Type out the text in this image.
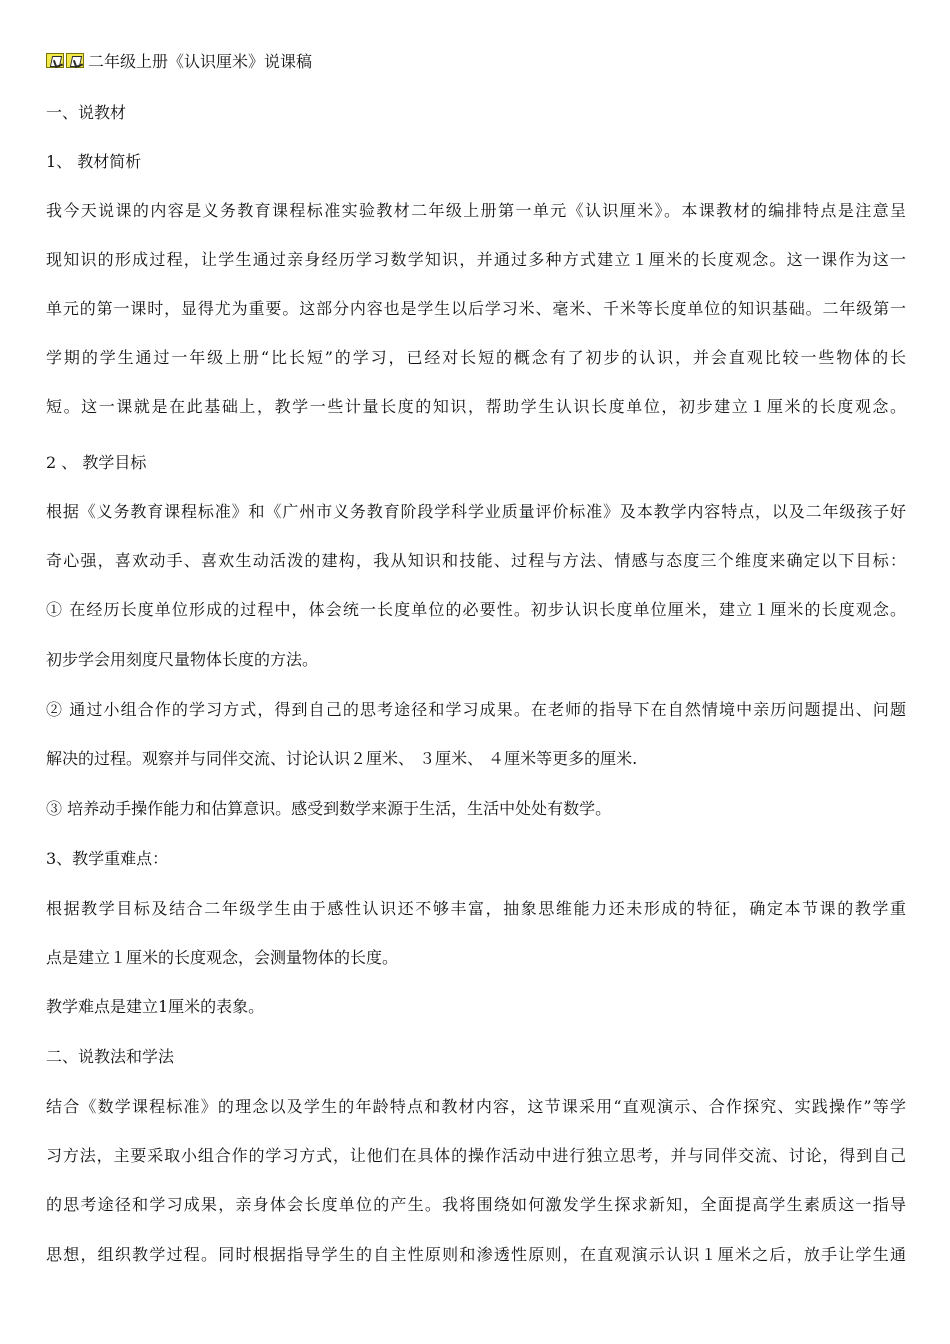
二年级上册《认识厘米》说课稿
一、说教材
1、 教材简析
我今天说课的内容是义务教育课程标准实验教材二年级上册第一单元《认识厘米》。本课教材的编排特点是注意呈
现知识的形成过程，让学生通过亲身经历学习数学知识，并通过多种方式建立１厘米的长度观念。这一课作为这一
单元的第一课时，显得尤为重要。这部分内容也是学生以后学习米、毫米、千米等长度单位的知识基础。二年级第一
学期的学生通过一年级上册“比长短”的学习，已经对长短的概念有了初步的认识，并会直观比较一些物体的长
短。这一课就是在此基础上，教学一些计量长度的知识，帮助学生认识长度单位，初步建立１厘米的长度观念。
2 、 教学目标
根据《义务教育课程标准》和《广州市义务教育阶段学科学业质量评价标准》及本教学内容特点，以及二年级孩子好
奇心强，喜欢动手、喜欢生动活泼的建构，我从知识和技能、过程与方法、情感与态度三个维度来确定以下目标：
① 在经历长度单位形成的过程中，体会统一长度单位的必要性。初步认识长度单位厘米，建立１厘米的长度观念。
初步学会用刻度尺量物体长度的方法。
② 通过小组合作的学习方式，得到自己的思考途径和学习成果。在老师的指导下在自然情境中亲历问题提出、问题
解决的过程。观察并与同伴交流、讨论认识２厘米、 ３厘米、 ４厘米等更多的厘米.
③ 培养动手操作能力和估算意识。感受到数学来源于生活，生活中处处有数学。
3、教学重难点：
根据教学目标及结合二年级学生由于感性认识还不够丰富，抽象思维能力还未形成的特征，确定本节课的教学重
点是建立１厘米的长度观念，会测量物体的长度。
教学难点是建立1厘米的表象。
二、说教法和学法
结合《数学课程标准》的理念以及学生的年龄特点和教材内容，这节课采用“直观演示、合作探究、实践操作”等学
习方法，主要采取小组合作的学习方式，让他们在具体的操作活动中进行独立思考，并与同伴交流、讨论，得到自己
的思考途径和学习成果，亲身体会长度单位的产生。我将围绕如何激发学生探求新知，全面提高学生素质这一指导
思想，组织教学过程。同时根据指导学生的自主性原则和渗透性原则，在直观演示认识１厘米之后，放手让学生通
